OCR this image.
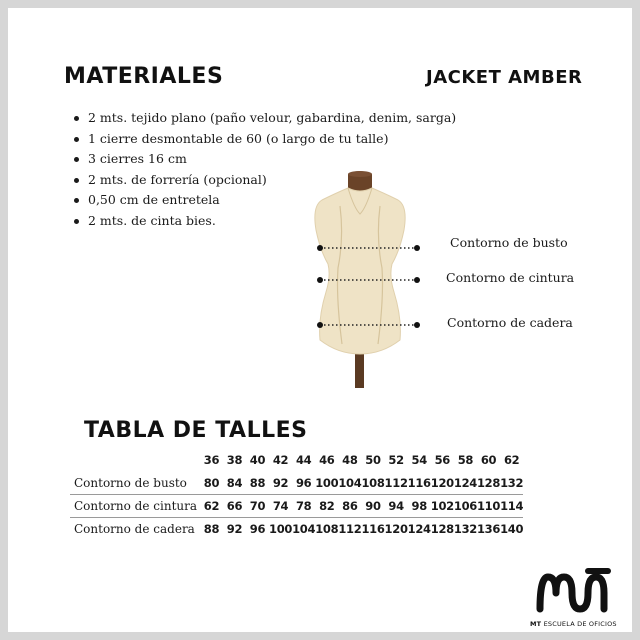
MATERIALES	JACKET AMBER
2 mts. tejido plano (paño velour, gabardina, denim, sarga)
1 cierre desmontable de 60 (o largo de tu talle)
3 cierres 16 cm
2 mts. de forrería (opcional)
0,50 cm de entretela
2 mts. de cinta bies.
Contorno de busto
Contorno de cintura
Contorno de cadera
TABLA DE TALLES
	36	38	40	42	44	46	48	50	52	54	56	58	60	62
Contorno de busto	80	84	88	92	96	100	104	108	112	116	120	124	128	132
Contorno de cintura	62	66	70	74	78	82	86	90	94	98	102	106	110	114
Contorno de cadera	88	92	96	100	104	108	112	116	120	124	128	132	136	140
MT ESCUELA DE OFICIOS
